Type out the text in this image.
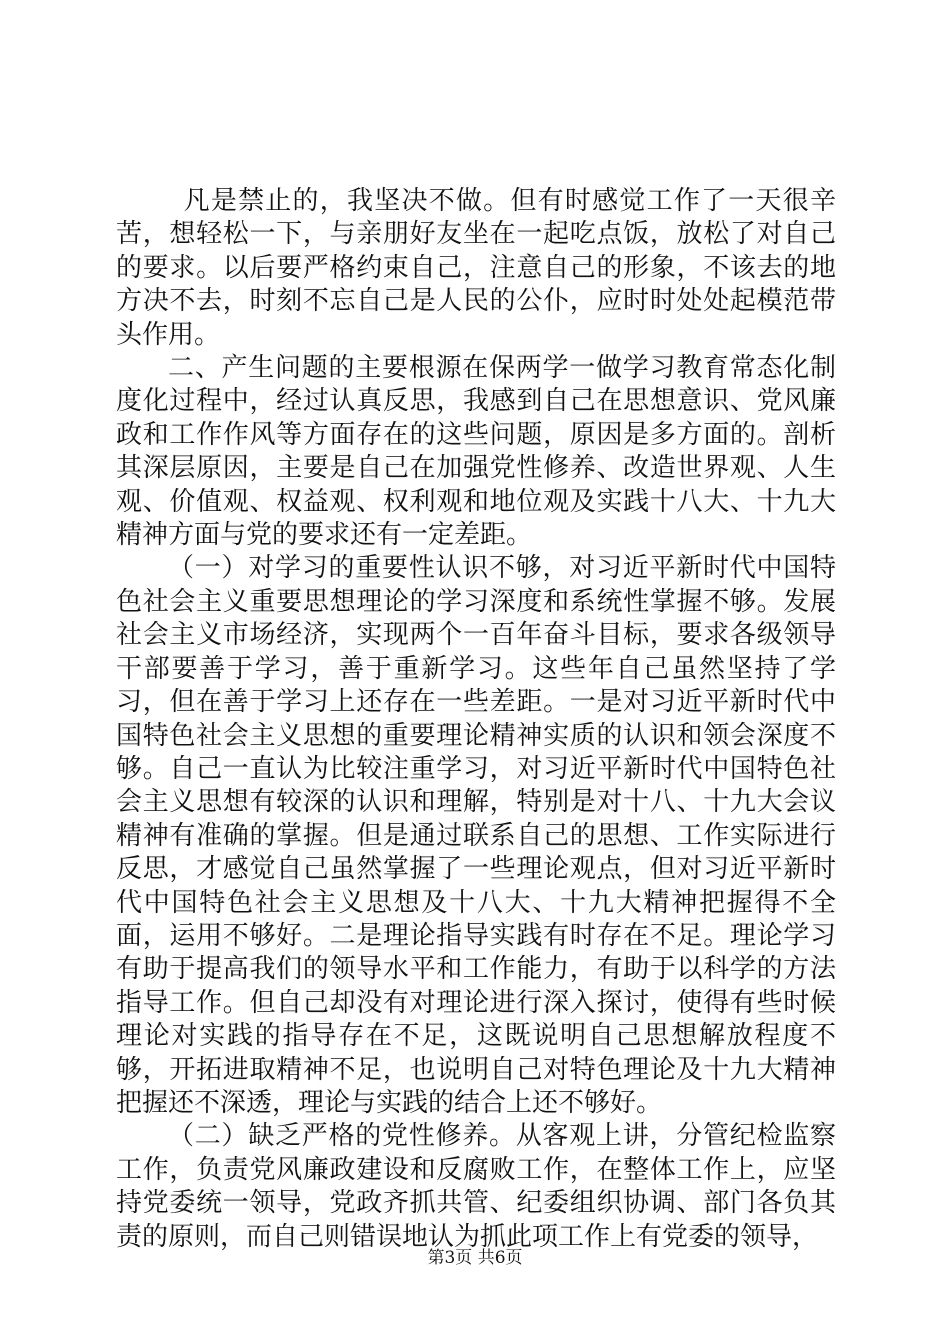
凡是禁止的，我坚决不做。但有时感觉工作了一天很辛苦，想轻松一下，与亲朋好友坐在一起吃点饭，放松了对自己的要求。以后要严格约束自己，注意自己的形象，不该去的地方决不去，时刻不忘自己是人民的公仆，应时时处处起模范带头作用。

二、产生问题的主要根源在保两学一做学习教育常态化制度化过程中，经过认真反思，我感到自己在思想意识、党风廉政和工作作风等方面存在的这些问题，原因是多方面的。剖析其深层原因，主要是自己在加强党性修养、改造世界观、人生观、价值观、权益观、权利观和地位观及实践十八大、十九大精神方面与党的要求还有一定差距。

（一）对学习的重要性认识不够，对习近平新时代中国特色社会主义重要思想理论的学习深度和系统性掌握不够。发展社会主义市场经济，实现两个一百年奋斗目标，要求各级领导干部要善于学习，善于重新学习。这些年自己虽然坚持了学习，但在善于学习上还存在一些差距。一是对习近平新时代中国特色社会主义思想的重要理论精神实质的认识和领会深度不够。自己一直认为比较注重学习，对习近平新时代中国特色社会主义思想有较深的认识和理解，特别是对十八、十九大会议精神有准确的掌握。但是通过联系自己的思想、工作实际进行反思，才感觉自己虽然掌握了一些理论观点，但对习近平新时代中国特色社会主义思想及十八大、十九大精神把握得不全面，运用不够好。二是理论指导实践有时存在不足。理论学习有助于提高我们的领导水平和工作能力，有助于以科学的方法指导工作。但自己却没有对理论进行深入探讨，使得有些时候理论对实践的指导存在不足，这既说明自己思想解放程度不够，开拓进取精神不足，也说明自己对特色理论及十九大精神把握还不深透，理论与实践的结合上还不够好。

（二）缺乏严格的党性修养。从客观上讲，分管纪检监察工作，负责党风廉政建设和反腐败工作，在整体工作上，应坚持党委统一领导，党政齐抓共管、纪委组织协调、部门各负其责的原则，而自己则错误地认为抓此项工作上有党委的领导，

第3页 共6页
